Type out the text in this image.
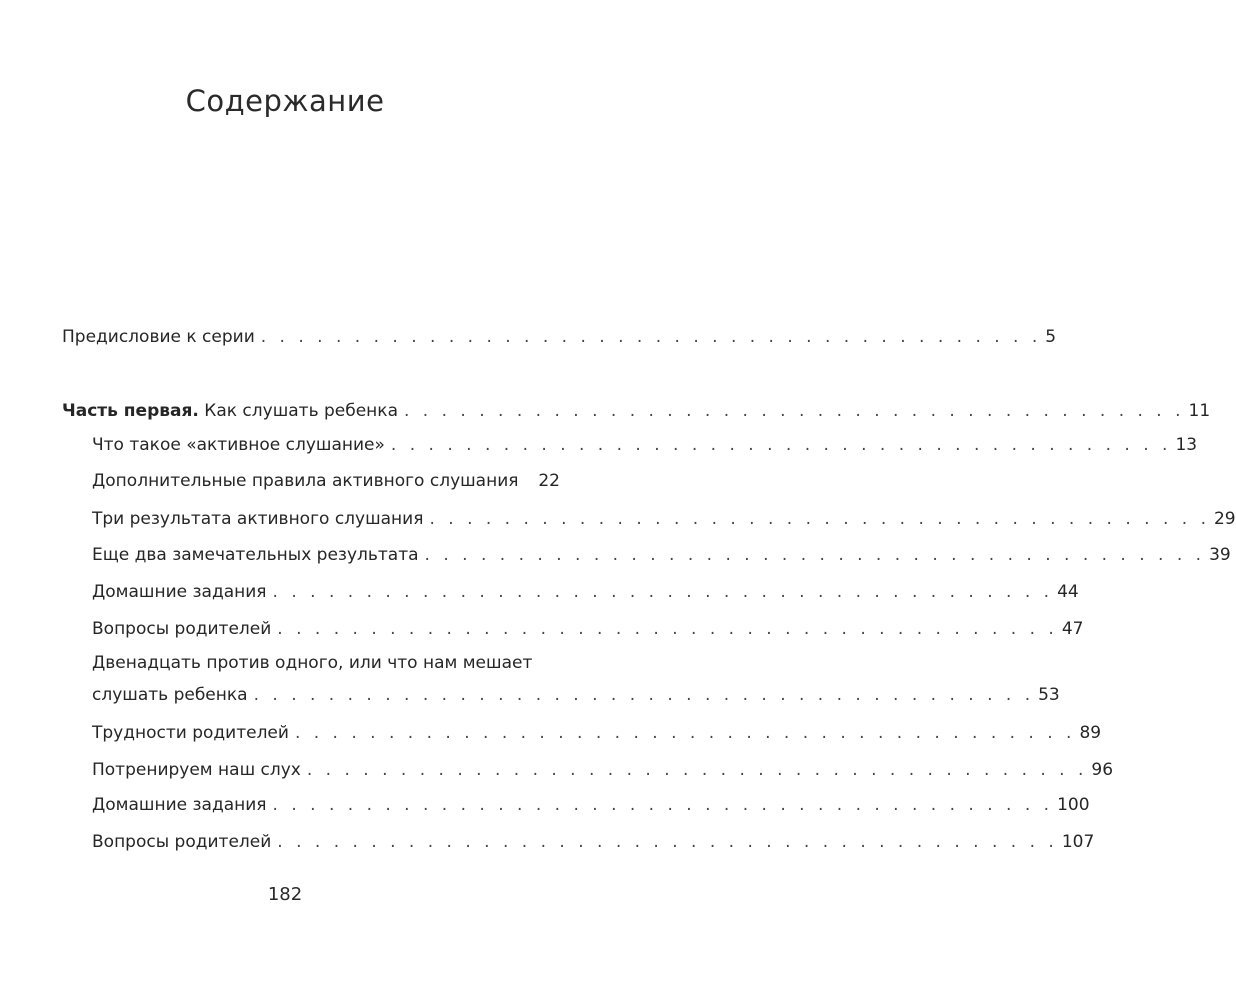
Содержание
Предисловие к серии . . . . . . . . . . . . . . . . . . . . . . . . . . . . . . . . . . . . . . . . . . 5
Часть первая. Как слушать ребенка . . . . . . . . . . . . . . . . . . . . . . . . . . . . . . . . . . . . . . . . . . 11
Что такое «активное слушание» . . . . . . . . . . . . . . . . . . . . . . . . . . . . . . . . . . . . . . . . . . 13
Дополнительные правила активного слушания 22
Три результата активного слушания . . . . . . . . . . . . . . . . . . . . . . . . . . . . . . . . . . . . . . . . . . 29
Еще два замечательных результата . . . . . . . . . . . . . . . . . . . . . . . . . . . . . . . . . . . . . . . . . . 39
Домашние задания . . . . . . . . . . . . . . . . . . . . . . . . . . . . . . . . . . . . . . . . . . 44
Вопросы родителей . . . . . . . . . . . . . . . . . . . . . . . . . . . . . . . . . . . . . . . . . . 47
Двенадцать против одного, или что нам мешает
слушать ребенка . . . . . . . . . . . . . . . . . . . . . . . . . . . . . . . . . . . . . . . . . . 53
Трудности родителей . . . . . . . . . . . . . . . . . . . . . . . . . . . . . . . . . . . . . . . . . . 89
Потренируем наш слух . . . . . . . . . . . . . . . . . . . . . . . . . . . . . . . . . . . . . . . . . . 96
Домашние задания . . . . . . . . . . . . . . . . . . . . . . . . . . . . . . . . . . . . . . . . . . 100
Вопросы родителей . . . . . . . . . . . . . . . . . . . . . . . . . . . . . . . . . . . . . . . . . . 107
182
